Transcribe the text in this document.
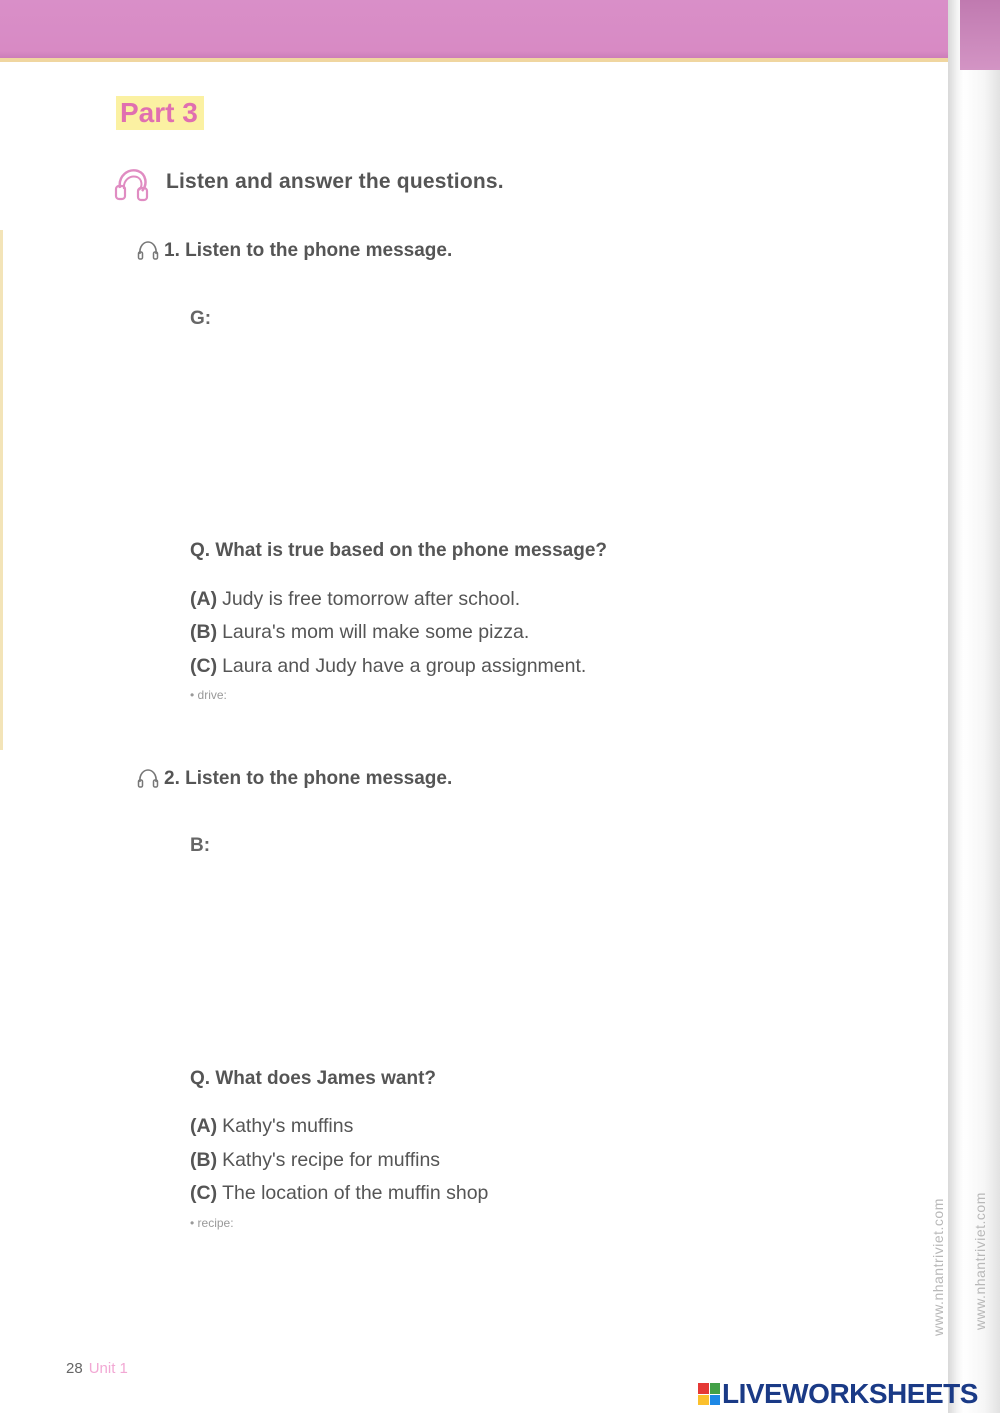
Part 3
Listen and answer the questions.
1. Listen to the phone message.
G:
Q. What is true based on the phone message?
(A) Judy is free tomorrow after school.
(B) Laura's mom will make some pizza.
(C) Laura and Judy have a group assignment.
• drive:
2. Listen to the phone message.
B:
Q. What does James want?
(A) Kathy's muffins
(B) Kathy's recipe for muffins
(C) The location of the muffin shop
• recipe:
28 Unit 1
www.nhantriviet.com www.nhantriviet.com
LIVEWORKSHEETS
